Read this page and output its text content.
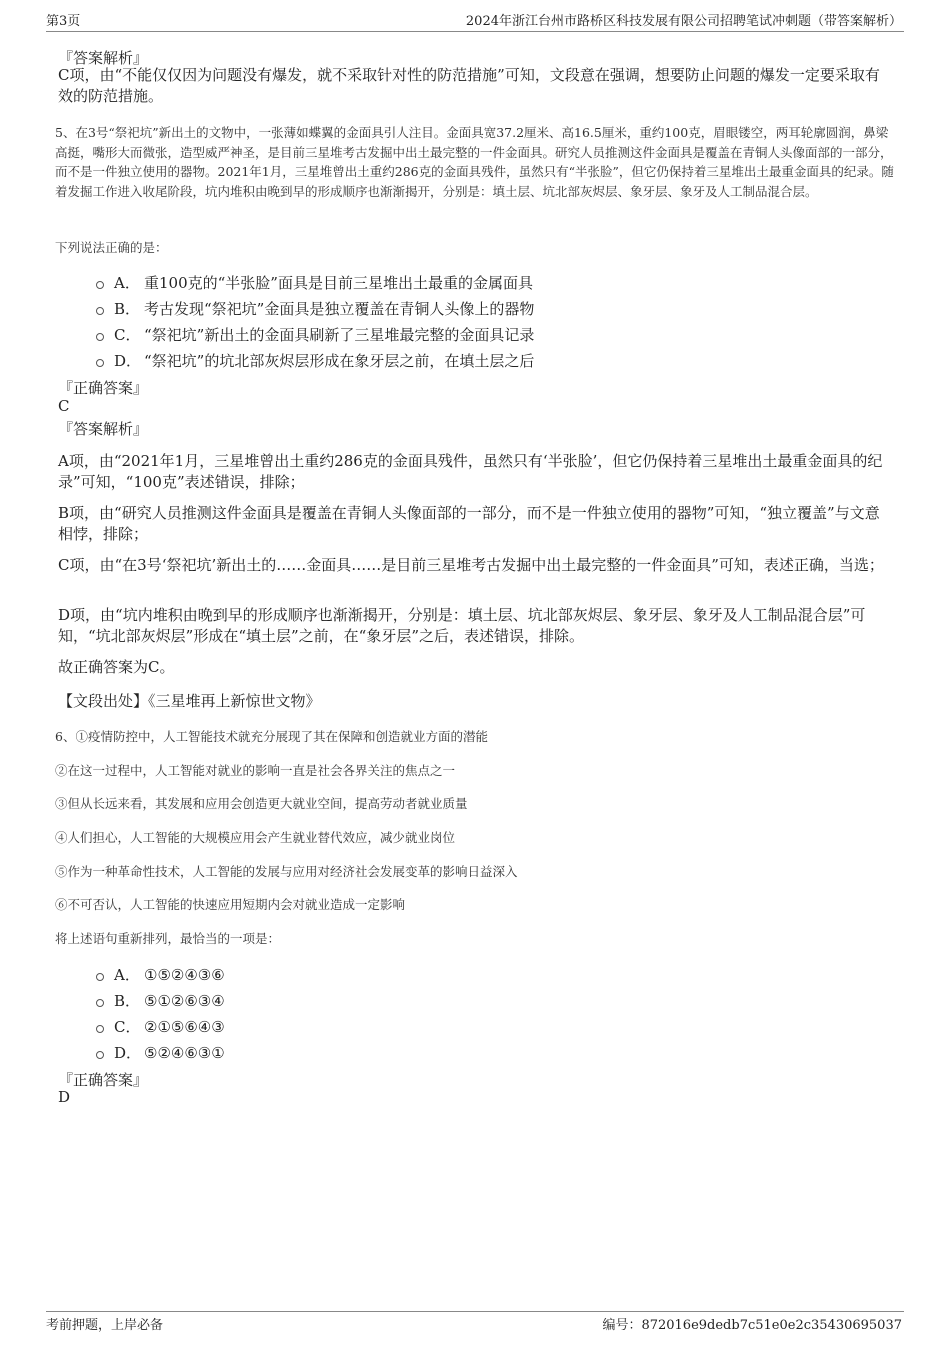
第3页	2024年浙江台州市路桥区科技发展有限公司招聘笔试冲刺题（带答案解析）
『答案解析』
C项，由“不能仅仅因为问题没有爆发，就不采取针对性的防范措施”可知，文段意在强调，想要防止问题的爆发一定要采取有效的防范措施。
5、在3号“祭祀坑”新出土的文物中，一张薄如蝶翼的金面具引人注目。金面具宽37.2厘米、高16.5厘米，重约100克，眉眼镂空，两耳轮廓圆润，鼻梁高挺，嘴形大而微张，造型威严神圣，是目前三星堆考古发掘中出土最完整的一件金面具。研究人员推测这件金面具是覆盖在青铜人头像面部的一部分，而不是一件独立使用的器物。2021年1月，三星堆曾出土重约286克的金面具残件，虽然只有“半张脸”，但它仍保持着三星堆出土最重金面具的纪录。随着发掘工作进入收尾阶段，坑内堆积由晚到早的形成顺序也渐渐揭开，分别是：填土层、坑北部灰烬层、象牙层、象牙及人工制品混合层。
下列说法正确的是：
A． 重100克的“半张脸”面具是目前三星堆出土最重的金属面具
B． 考古发现“祭祀坑”金面具是独立覆盖在青铜人头像上的器物
C． “祭祀坑”新出土的金面具刷新了三星堆最完整的金面具记录
D． “祭祀坑”的坑北部灰烬层形成在象牙层之前，在填土层之后
『正确答案』
C
『答案解析』
A项，由“2021年1月，三星堆曾出土重约286克的金面具残件，虽然只有‘半张脸’，但它仍保持着三星堆出土最重金面具的纪录”可知，“100克”表述错误，排除；
B项，由“研究人员推测这件金面具是覆盖在青铜人头像面部的一部分，而不是一件独立使用的器物”可知，“独立覆盖”与文意相悖，排除；
C项，由“在3号‘祭祀坑’新出土的……金面具……是目前三星堆考古发掘中出土最完整的一件金面具”可知，表述正确，当选；
D项，由“坑内堆积由晚到早的形成顺序也渐渐揭开，分别是：填土层、坑北部灰烬层、象牙层、象牙及人工制品混合层”可知，“坑北部灰烬层”形成在“填土层”之前，在“象牙层”之后，表述错误，排除。
故正确答案为C。
【文段出处】《三星堆再上新惊世文物》
6、①疫情防控中，人工智能技术就充分展现了其在保障和创造就业方面的潜能
②在这一过程中，人工智能对就业的影响一直是社会各界关注的焦点之一
③但从长远来看，其发展和应用会创造更大就业空间，提高劳动者就业质量
④人们担心，人工智能的大规模应用会产生就业替代效应，减少就业岗位
⑤作为一种革命性技术，人工智能的发展与应用对经济社会发展变革的影响日益深入
⑥不可否认，人工智能的快速应用短期内会对就业造成一定影响
将上述语句重新排列，最恰当的一项是：
A． ①⑤②④③⑥
B． ⑤①②⑥③④
C． ②①⑤⑥④③
D． ⑤②④⑥③①
『正确答案』
D
考前押题，上岸必备	编号：872016e9dedb7c51e0e2c35430695037
